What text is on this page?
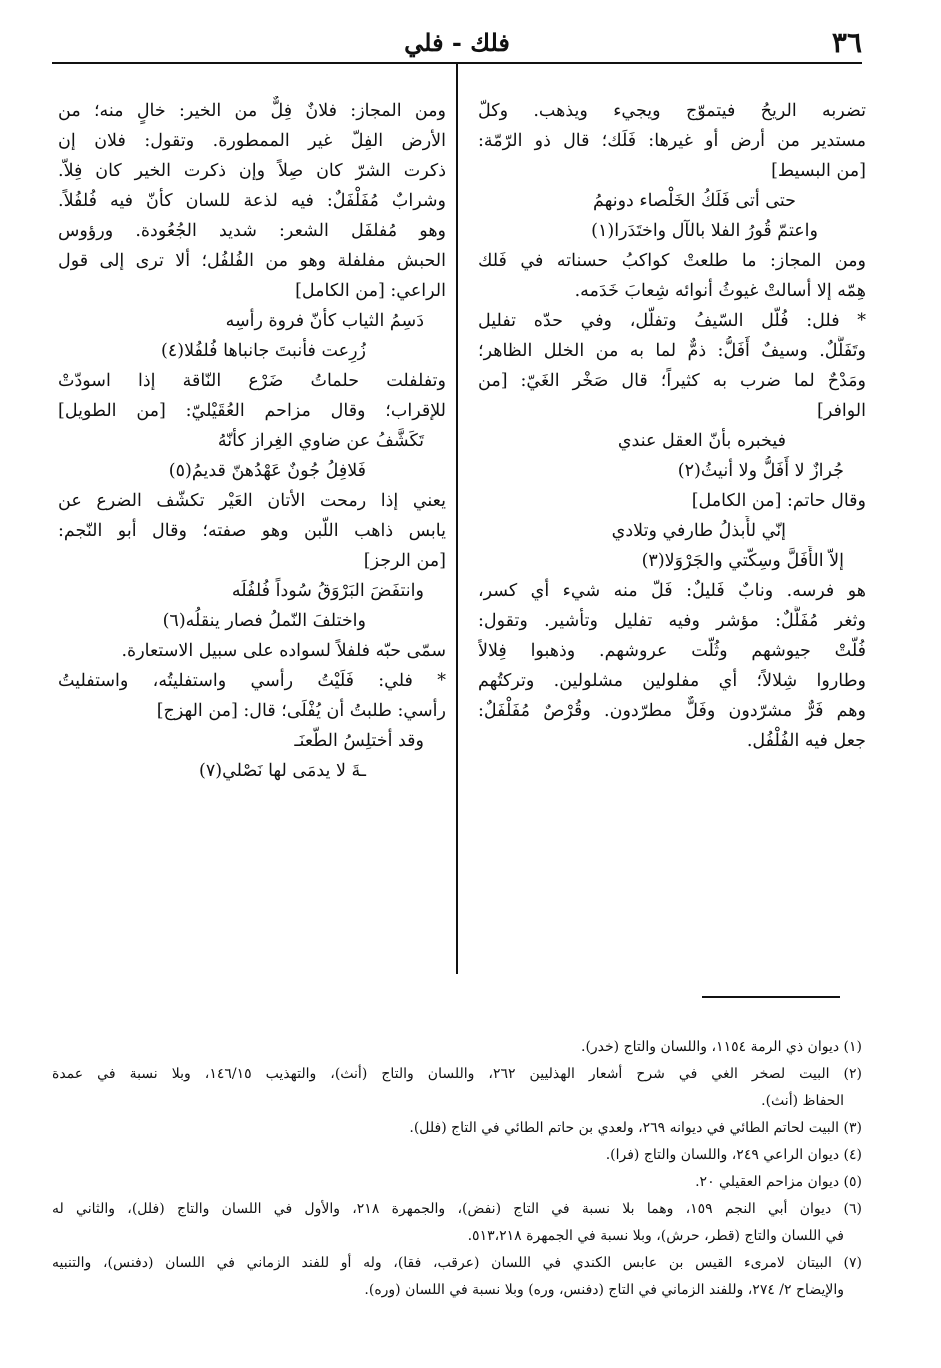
٣٦
فلك - فلي
تضربه الريحُ فيتموّج ويجيء ويذهب. وكلّ
مستدير من أرض أو غيرها: فَلَك؛ قال ذو الرّمّة:
[من البسيط]
حتى أتى فَلَكُ الخَلْصاء دونهمُ
واعتمّ قُورُ الفلا بالآل واختَدَرا(١)
ومن المجاز: ما طلعتْ كواكبُ حسناته في فَلك
هِمّه إلا أسالتْ غيوثُ أنوائه شِعابَ خَدَمه.
* فلل: فُلّل السّيفُ وتفلّل، وفي حدّه تفليل
وتَفَلُّلٌ. وسيفٌ أَفَلُّ: ذمٌّ لما به من الخلل الظاهر؛
ومَدْحٌ لما ضرب به كثيراً؛ قال صَخْر الغَيّ: [من
الوافر]
فيخبره بأنّ العقل عندي
جُرازٌ لا أَفَلُّ ولا أنيثُ(٢)
وقال حاتم: [من الكامل]
إنّي لأَبذلُ طارفي وتلادي
إلاّ الأَفَلَّ وسِكّتي والجَرْوَلا(٣)
هو فرسه. ونابٌ فَليلٌ: فَلّ منه شيء أي كسر،
وثغر مُفَلَّلٌ: مؤشر وفيه تفليل وتأشير. وتقول:
فُلّتْ جيوشهم وثُلّت عروشهم. وذهبوا فِلالاً
وطاروا شِلالاً؛ أي مفلولين مشلولين. وتركتُهم
وهم فَرٌّ مشرّدون وفَلٌّ مطرّدون. وقُرْصٌ مُفَلْفَلٌ:
جعل فيه الفُلْفُل.
ومن المجاز: فلانٌ فِلٌّ من الخير: خالٍ منه؛ من
الأرض الفِلّ غير الممطورة. وتقول: فلان إن
ذكرت الشرّ كان صِلاً وإن ذكرت الخير كان فِلاّ.
وشرابٌ مُفَلْفَلٌ: فيه لذعة للسان كأنّ فيه فُلفُلاً.
وهو مُفلفَل الشعر: شديد الجُعُودة. ورؤوس
الحبش مفلفلة وهو من الفُلفُل؛ ألا ترى إلى قول
الراعي: [من الكامل]
دَسِمُ الثياب كأنّ فروة رأسِه
زُرِعت فأنبتَ جانباها فُلفُلا(٤)
وتفلفلت حلماتُ ضَرْع النّاقة إذا اسودّتْ
للإقراب؛ وقال مزاحم العُقَيْليّ: [من الطويل]
تَكَشَّفُ عن ضاوي الغِراز كأنّهُ
فَلافِلُ جُونٌ عَهْدُهنّ قديمُ(٥)
يعني إذا رمحت الأتان العَيْر تكشّف الضرع عن
يابس ذاهب اللّبن وهو صفته؛ وقال أبو النّجم:
[من الرجز]
وانتفَضَ البَرْوَقُ سُوداً فُلفُلَه
واختلفَ النّملُ فصار ينقلُه(٦)
سمّى حبّه فلفلاً لسواده على سبيل الاستعارة.
* فلي: فَلَيْتُ رأسي واستفليتُه، واستفليتُ
رأسي: طلبتُ أن يُفْلَى؛ قال: [من الهزج]
وقد أختلِسُ الطّعنَـ
ـةَ لا يدمَى لها نَصْلي(٧)
(١) ديوان ذي الرمة ١١٥٤، واللسان والتاج (خدر).
(٢) البيت لصخر الغي في شرح أشعار الهذليين ٢٦٢، واللسان والتاج (أنث)، والتهذيب ١٤٦/١٥، وبلا نسبة في عمدة
الحفاظ (أنث).
(٣) البيت لحاتم الطائي في ديوانه ٢٦٩، ولعدي بن حاتم الطائي في التاج (فلل).
(٤) ديوان الراعي ٢٤٩، واللسان والتاج (فرا).
(٥) ديوان مزاحم العقيلي ٢٠.
(٦) ديوان أبي النجم ١٥٩، وهما بلا نسبة في التاج (نفض)، والجمهرة ٢١٨، والأول في اللسان والتاج (فلل)، والثاني له
في اللسان والتاج (قطر، حرش)، وبلا نسبة في الجمهرة ٥١٣،٢١٨.
(٧) البيتان لامرىء القيس بن عابس الكندي في اللسان (عرقب، فقا)، وله أو للفند الزماني في اللسان (دفنس)، والتنبيه
والإيضاح ٢/ ٢٧٤، وللفند الزماني في التاج (دفنس، وره) وبلا نسبة في اللسان (وره).
